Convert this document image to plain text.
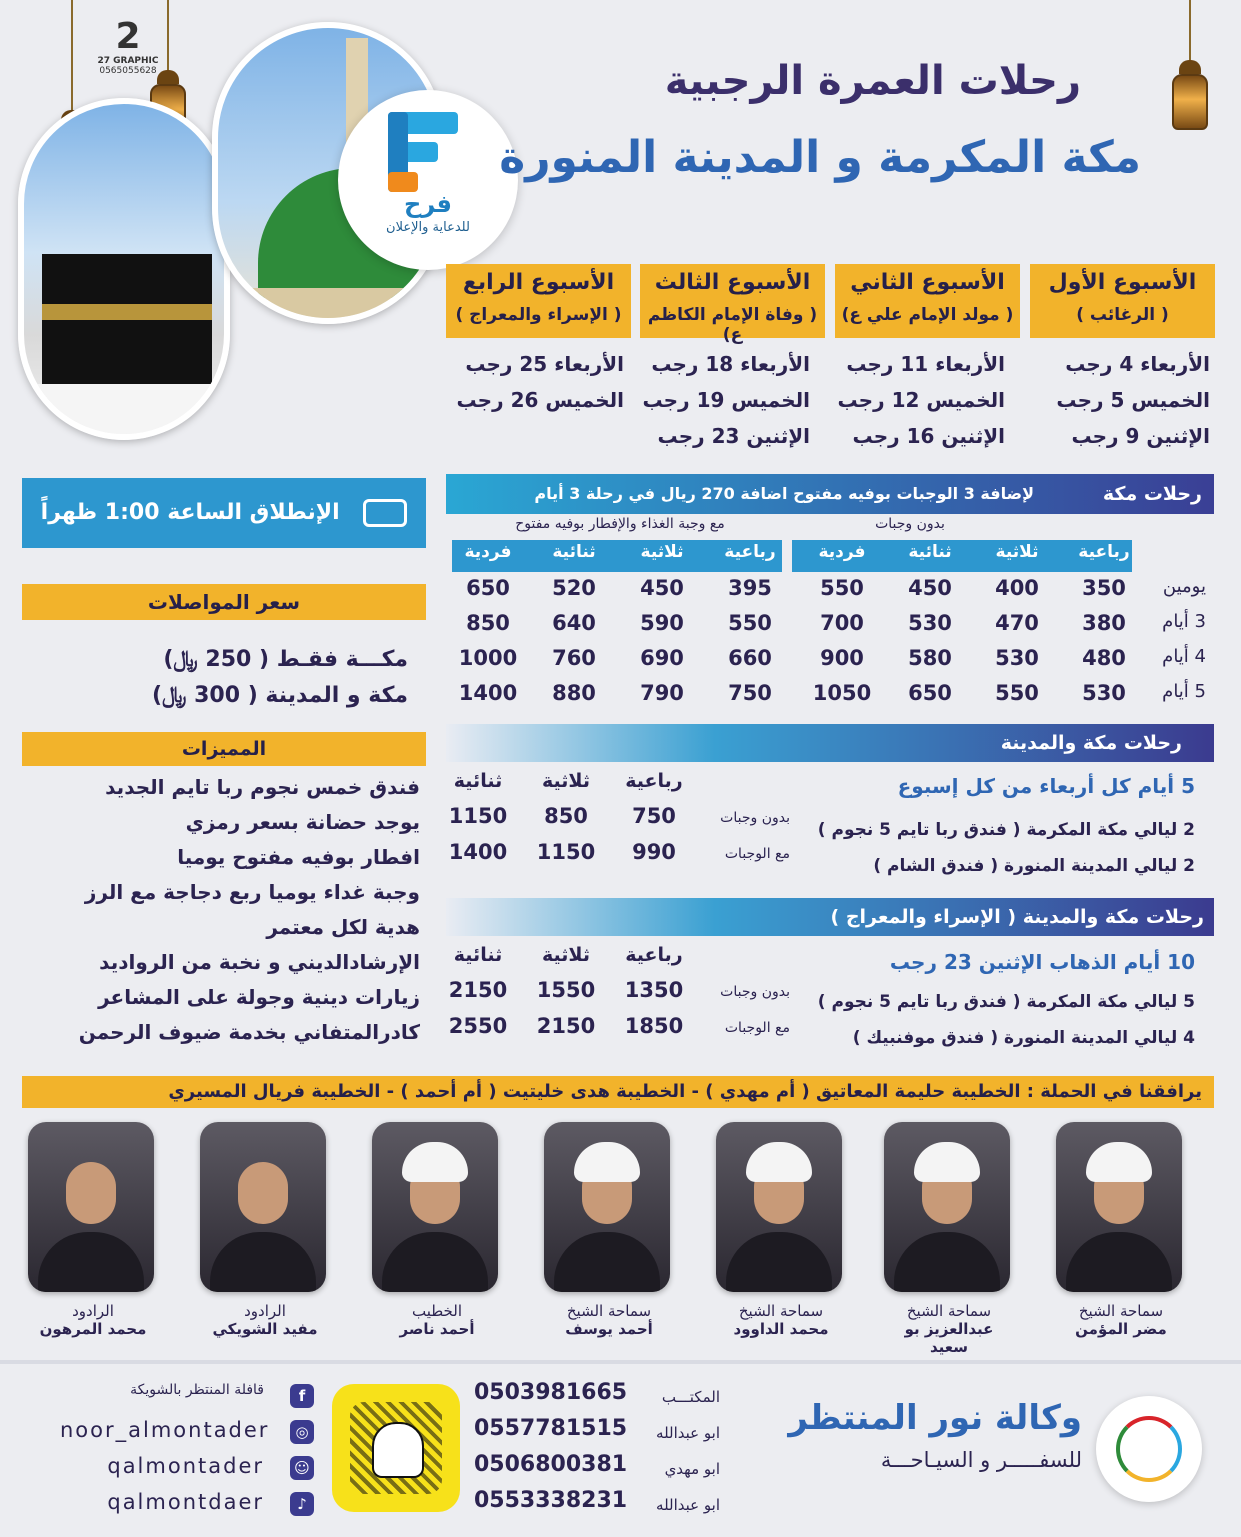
2
27 GRAPHIC
0565055628
فرح
للدعاية والإعلان
رحلات العمرة الرجبية
مكة المكرمة و المدينة المنورة
الأسبوع الأول
( الرغائب )
الأسبوع الثاني
( مولد الإمام علي ع)
الأسبوع الثالث
( وفاة الإمام الكاظم ع)
الأسبوع الرابع
( الإسراء والمعراج )
الأربعاء 4 رجب
الخميس 5 رجب
الإثنين 9 رجب
الأربعاء 11 رجب
الخميس 12 رجب
الإثنين 16 رجب
الأربعاء 18 رجب
الخميس 19 رجب
الإثنين 23 رجب
الأربعاء 25 رجب
الخميس 26 رجب
الإنطلاق الساعة 1:00 ظهراً
سعر المواصلات
مكـــة فقـط ( 250 ﷼)
مكة و المدينة ( 300 ﷼)
المميزات
فندق خمس نجوم ربا تايم الجديد
يوجد حضانة بسعر رمزي
افطار بوفيه مفتوح يوميا
وجبة غداء يوميا ربع دجاجة مع الرز
هدية لكل معتمر
الإرشادالديني و نخبة من الروادید
زيارات دينية وجولة على المشاعر
كادرالمتفاني بخدمة ضيوف الرحمن
رحلات مكة
لإضافة 3 الوجبات بوفيه مفتوح اضافة 270 ريال في رحلة 3 أيام
بدون وجبات
مع وجبة الغذاء والإفطار بوفيه مفتوح
رحلات مكة والمدينة
5 أيام كل أربعاء من كل إسبوع
2 ليالي مكة المكرمة ( فندق ربا تايم 5 نجوم )
2 ليالي المدينة المنورة ( فندق الشام )
رحلات مكة والمدينة ( الإسراء والمعراج )
10 أيام الذهاب الإثنين 23 رجب
5 ليالي مكة المكرمة ( فندق ربا تايم 5 نجوم )
4 ليالي المدينة المنورة ( فندق موفنبيك )
يرافقنا في الحملة : الخطيبة حليمة المعاتيق ( أم مهدي ) - الخطيبة هدى خليتيت ( أم أحمد ) - الخطيبة فريال المسيري
وكالة نور المنتظر
للسفـــــر و السيـاحـــة
رباعية
ثلاثية
ثنائية
فردية
رباعية
ثلاثية
ثنائية
فردية
يومين
350
400
450
550
395
450
520
650
3 أيام
380
470
530
700
550
590
640
850
4 أيام
480
530
580
900
660
690
760
1000
5 أيام
530
550
650
1050
750
790
880
1400
رباعية
ثلاثية
ثنائية
بدون وجبات
750
850
1150
مع الوجبات
990
1150
1400
رباعية
ثلاثية
ثنائية
بدون وجبات
1350
1550
2150
مع الوجبات
1850
2150
2550
سماحة الشيخ
مضر المؤمن
سماحة الشيخ
عبدالعزيز بو سعيد
سماحة الشيخ
محمد الداوود
سماحة الشيخ
أحمد يوسف
الخطيب
أحمد ناصر
الرادود
مفيد الشويكي
الرادود
محمد المرهون
المكتـــب
0503981665
ابو عبدالله
0557781515
ابو مهدي
0506800381
ابو عبدالله
0553338231
f
قافلة المنتظر بالشويكة
◎
noor_almontader
☺
qalmontader
♪
qalmontdaer
